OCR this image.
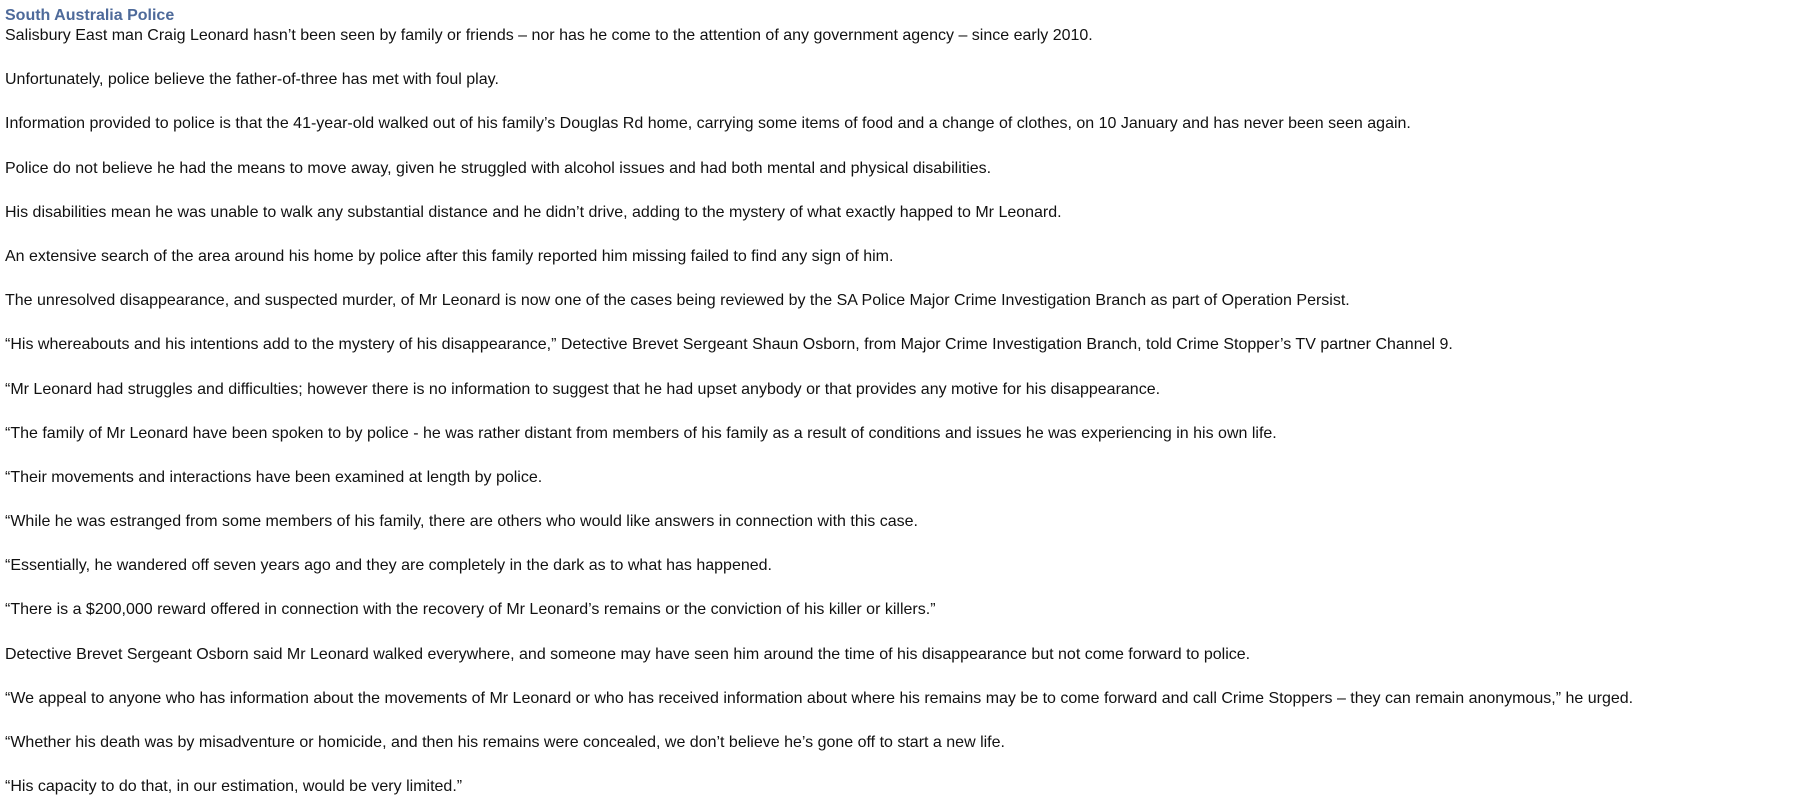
South Australia Police

Salisbury East man Craig Leonard hasn’t been seen by family or friends – nor has he come to the attention of any government agency – since early 2010.

Unfortunately, police believe the father-of-three has met with foul play.

Information provided to police is that the 41-year-old walked out of his family’s Douglas Rd home, carrying some items of food and a change of clothes, on 10 January and has never been seen again.

Police do not believe he had the means to move away, given he struggled with alcohol issues and had both mental and physical disabilities.

His disabilities mean he was unable to walk any substantial distance and he didn’t drive, adding to the mystery of what exactly happed to Mr Leonard.

An extensive search of the area around his home by police after this family reported him missing failed to find any sign of him.

The unresolved disappearance, and suspected murder, of Mr Leonard is now one of the cases being reviewed by the SA Police Major Crime Investigation Branch as part of Operation Persist.

“His whereabouts and his intentions add to the mystery of his disappearance,” Detective Brevet Sergeant Shaun Osborn, from Major Crime Investigation Branch, told Crime Stopper’s TV partner Channel 9.

“Mr Leonard had struggles and difficulties; however there is no information to suggest that he had upset anybody or that provides any motive for his disappearance.

“The family of Mr Leonard have been spoken to by police - he was rather distant from members of his family as a result of conditions and issues he was experiencing in his own life.

“Their movements and interactions have been examined at length by police.

“While he was estranged from some members of his family, there are others who would like answers in connection with this case.

“Essentially, he wandered off seven years ago and they are completely in the dark as to what has happened.

“There is a $200,000 reward offered in connection with the recovery of Mr Leonard’s remains or the conviction of his killer or killers.”

Detective Brevet Sergeant Osborn said Mr Leonard walked everywhere, and someone may have seen him around the time of his disappearance but not come forward to police.

“We appeal to anyone who has information about the movements of Mr Leonard or who has received information about where his remains may be to come forward and call Crime Stoppers – they can remain anonymous,” he urged.

“Whether his death was by misadventure or homicide, and then his remains were concealed, we don’t believe he’s gone off to start a new life.

“His capacity to do that, in our estimation, would be very limited.”
